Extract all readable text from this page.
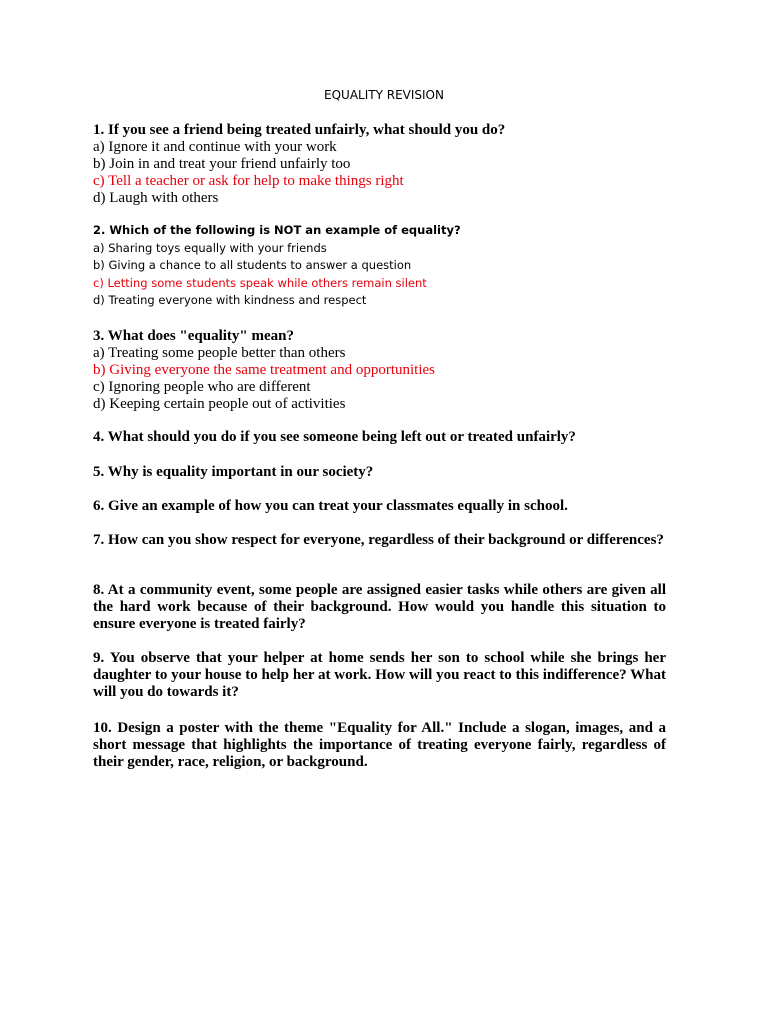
EQUALITY REVISION
1. If you see a friend being treated unfairly, what should you do?
a) Ignore it and continue with your work
b) Join in and treat your friend unfairly too
c) Tell a teacher or ask for help to make things right
d) Laugh with others
2. Which of the following is NOT an example of equality?
a) Sharing toys equally with your friends
b) Giving a chance to all students to answer a question
c) Letting some students speak while others remain silent
d) Treating everyone with kindness and respect
3. What does "equality" mean?
a) Treating some people better than others
b) Giving everyone the same treatment and opportunities
c) Ignoring people who are different
d) Keeping certain people out of activities
4. What should you do if you see someone being left out or treated unfairly?
5. Why is equality important in our society?
6. Give an example of how you can treat your classmates equally in school.
7. How can you show respect for everyone, regardless of their background or differences?
8. At a community event, some people are assigned easier tasks while others are given all the hard work because of their background. How would you handle this situation to ensure everyone is treated fairly?
9. You observe that your helper at home sends her son to school while she brings her daughter to your house to help her at work. How will you react to this indifference? What will you do towards it?
10. Design a poster with the theme "Equality for All." Include a slogan, images, and a short message that highlights the importance of treating everyone fairly, regardless of their gender, race, religion, or background.
